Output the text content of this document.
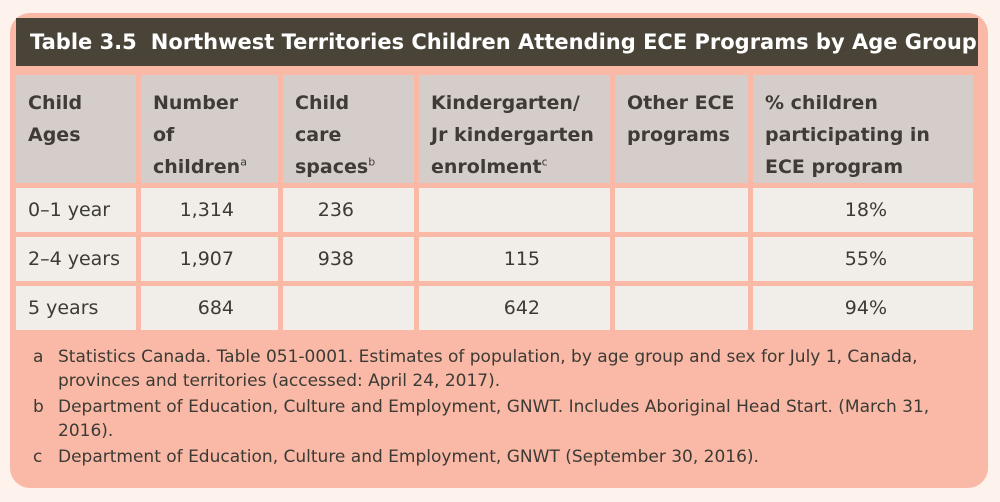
Table 3.5 Northwest Territories Children Attending ECE Programs by Age Group
Child Ages	Number of children$^a$	Child care spaces$^b$	Kindergarten/ Jr kindergarten enrolment$^c$	Other ECE programs	% children participating in ECE program
0–1 year	1,314	236			18%
2–4 years	1,907	938	115		55%
5 years	684		642		94%
a Statistics Canada. Table 051-0001. Estimates of population, by age group and sex for July 1, Canada, provinces and territories (accessed: April 24, 2017).
b Department of Education, Culture and Employment, GNWT. Includes Aboriginal Head Start. (March 31, 2016).
c Department of Education, Culture and Employment, GNWT (September 30, 2016).
